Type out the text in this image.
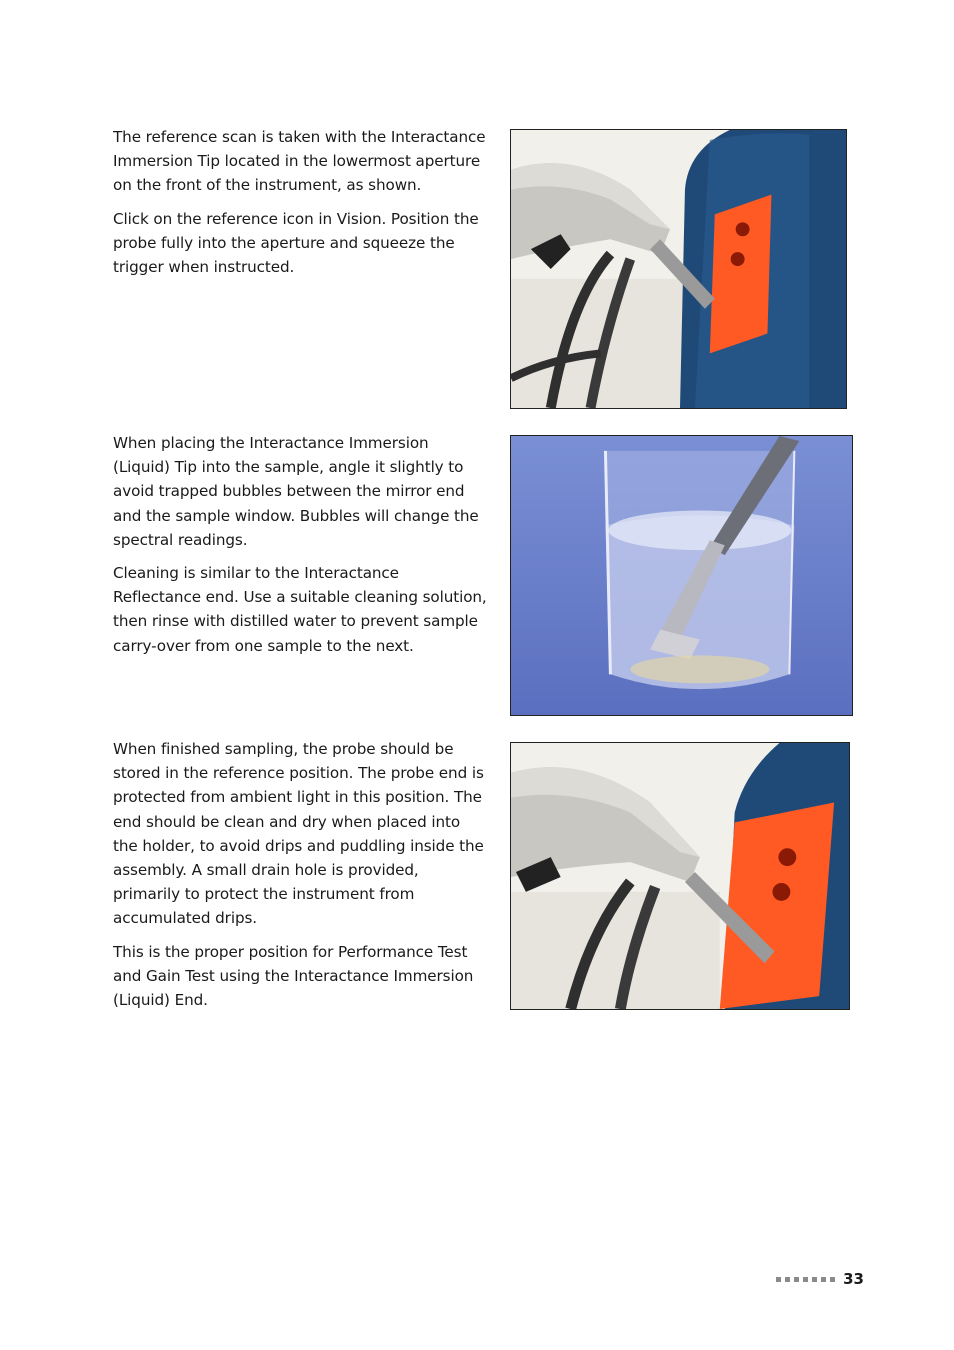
The reference scan is taken with the Interactance Immersion Tip located in the lowermost aperture on the front of the instrument, as shown.

Click on the reference icon in Vision. Position the probe fully into the aperture and squeeze the trigger when instructed.

When placing the Interactance Immersion (Liquid) Tip into the sample, angle it slightly to avoid trapped bubbles between the mirror end and the sample window. Bubbles will change the spectral readings.

Cleaning is similar to the Interactance Reflectance end. Use a suitable cleaning solution, then rinse with distilled water to prevent sample carry-over from one sample to the next.

When finished sampling, the probe should be stored in the reference position. The probe end is protected from ambient light in this position. The end should be clean and dry when placed into the holder, to avoid drips and puddling inside the assembly. A small drain hole is provided, primarily to protect the instrument from accumulated drips.

This is the proper position for Performance Test and Gain Test using the Interactance Immersion (Liquid) End.

33
